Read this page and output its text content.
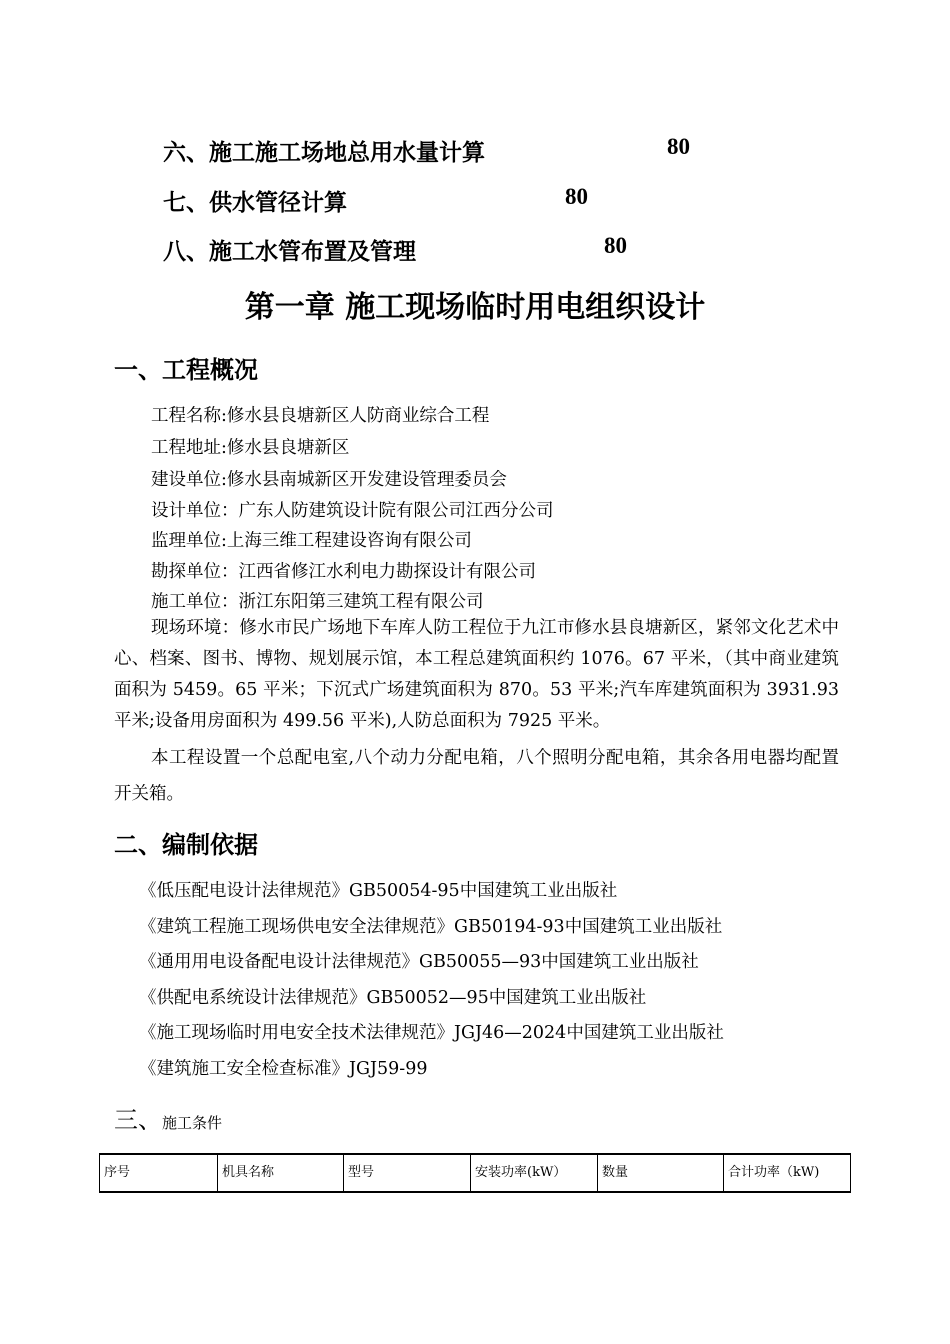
六、施工施工场地总用水量计算	80
七、供水管径计算	80
八、施工水管布置及管理	80
第一章 施工现场临时用电组织设计
一、工程概况
工程名称:修水县良塘新区人防商业综合工程
工程地址:修水县良塘新区
建设单位:修水县南城新区开发建设管理委员会
设计单位：广东人防建筑设计院有限公司江西分公司
监理单位:上海三维工程建设咨询有限公司
勘探单位：江西省修江水利电力勘探设计有限公司
施工单位：浙江东阳第三建筑工程有限公司
现场环境：修水市民广场地下车库人防工程位于九江市修水县良塘新区，紧邻文化艺术中心、档案、图书、博物、规划展示馆，本工程总建筑面积约 1076。67 平米，（其中商业建筑面积为 5459。65 平米；下沉式广场建筑面积为 870。53 平米;汽车库建筑面积为 3931.93 平米;设备用房面积为 499.56 平米),人防总面积为 7925 平米。
本工程设置一个总配电室,八个动力分配电箱，八个照明分配电箱，其余各用电器均配置开关箱。
二、编制依据
《低压配电设计法律规范》GB50054-95中国建筑工业出版社
《建筑工程施工现场供电安全法律规范》GB50194-93中国建筑工业出版社
《通用用电设备配电设计法律规范》GB50055—93中国建筑工业出版社
《供配电系统设计法律规范》GB50052—95中国建筑工业出版社
《施工现场临时用电安全技术法律规范》JGJ46—2024中国建筑工业出版社
《建筑施工安全检查标准》JGJ59-99
三、施工条件
序号	机具名称	型号	安装功率(kW）	数量	合计功率（kW)
